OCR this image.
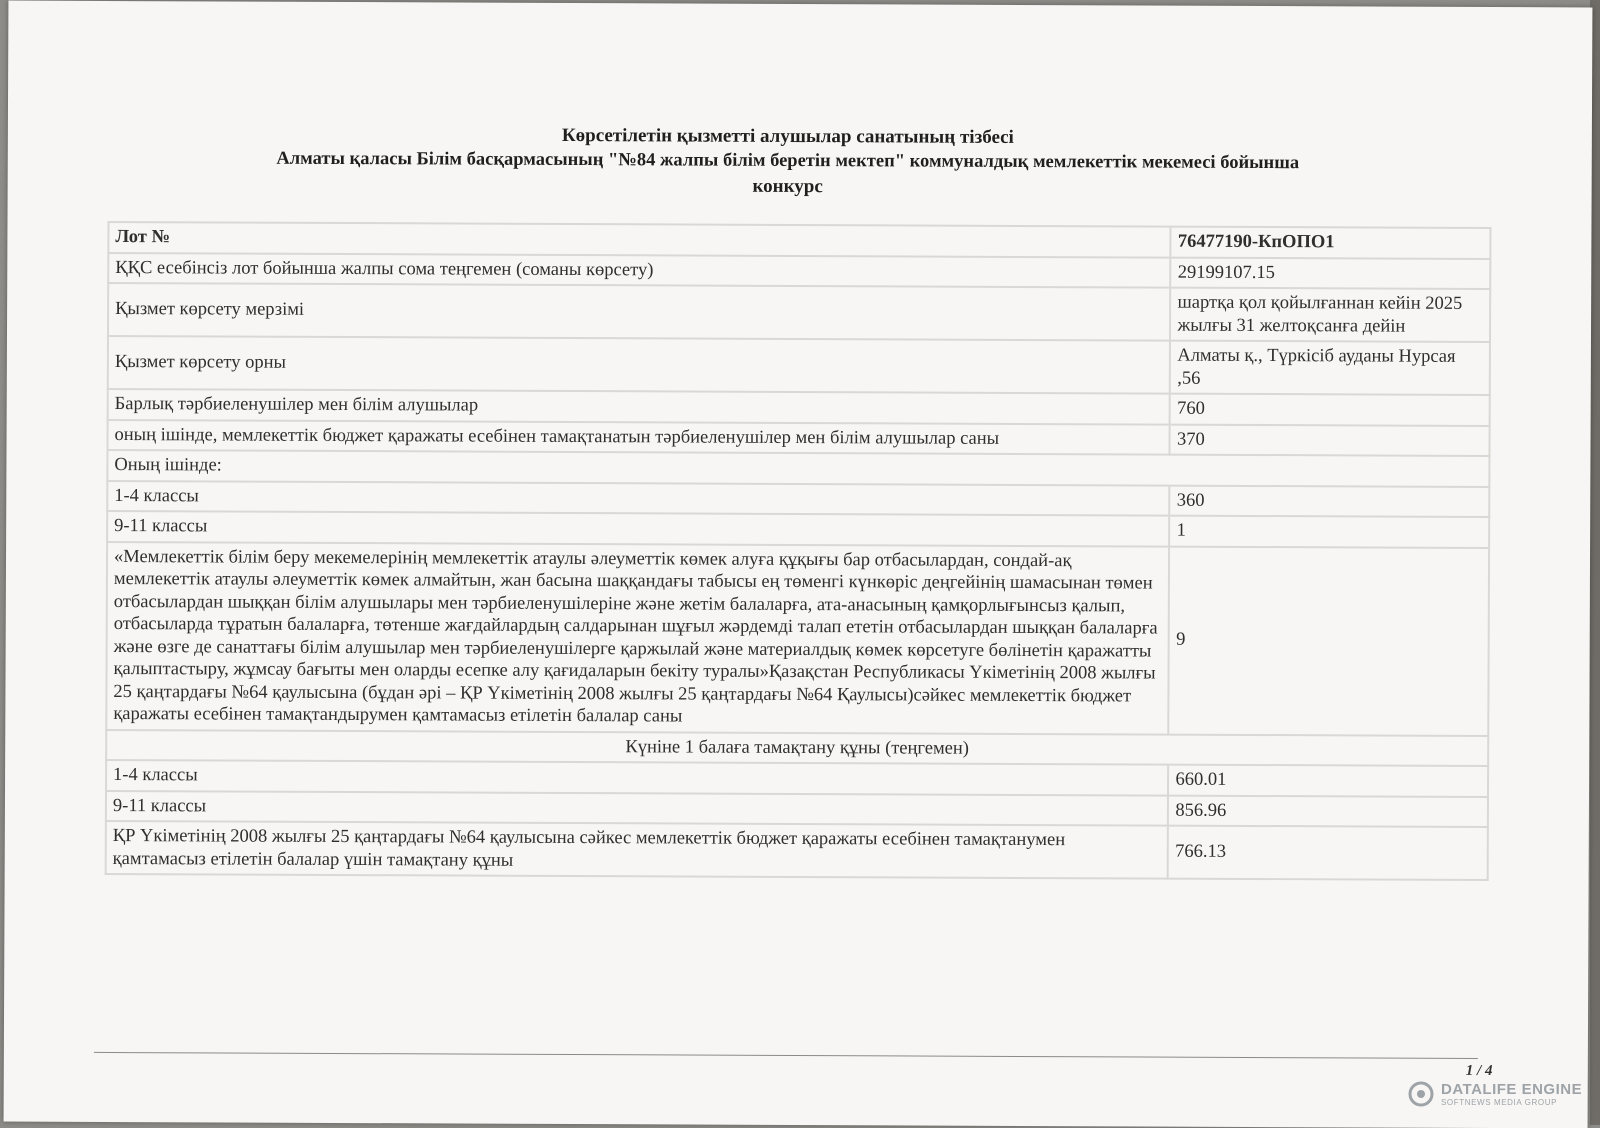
Көрсетілетін қызметті алушылар санатының тізбесі
Алматы қаласы Білім басқармасының "№84 жалпы білім беретін мектеп" коммуналдық мемлекеттік мекемесі бойынша
конкурс
Лот №	76477190-КпОПО1
ҚҚС есебінсіз лот бойынша жалпы сома теңгемен (соманы көрсету)	29199107.15
Қызмет көрсету мерзімі	шартқа қол қойылғаннан кейін 2025 жылғы 31 желтоқсанға дейін
Қызмет көрсету орны	Алматы қ., Түркісіб ауданы Нурсая ,56
Барлық тәрбиеленушілер мен білім алушылар	760
оның ішінде, мемлекеттік бюджет қаражаты есебінен тамақтанатын тәрбиеленушілер мен білім алушылар саны	370
Оның ішінде:	
1-4 классы	360
9-11 классы	1
«Мемлекеттік білім беру мекемелерінің мемлекеттік атаулы әлеуметтік көмек алуға құқығы бар отбасылардан, сондай-ақ мемлекеттік атаулы әлеуметтік көмек алмайтын, жан басына шаққандағы табысы ең төменгі күнкөріс деңгейінің шамасынан төмен отбасылардан шыққан білім алушылары мен тәрбиеленушілеріне және жетім балаларға, ата-анасының қамқорлығынсыз қалып, отбасыларда тұратын балаларға, төтенше жағдайлардың салдарынан шұғыл жәрдемді талап ететін отбасылардан шыққан балаларға және өзге де санаттағы білім алушылар мен тәрбиеленушілерге қаржылай және материалдық көмек көрсетуге бөлінетін қаражатты қалыптастыру, жұмсау бағыты мен оларды есепке алу қағидаларын бекіту туралы»Қазақстан Республикасы Үкіметінің 2008 жылғы 25 қаңтардағы №64 қаулысына (бұдан әрі – ҚР Үкіметінің 2008 жылғы 25 қаңтардағы №64 Қаулысы)сәйкес мемлекеттік бюджет қаражаты есебінен тамақтандырумен қамтамасыз етілетін балалар саны	9
Күніне 1 балаға тамақтану құны (теңгемен)	
1-4 классы	660.01
9-11 классы	856.96
ҚР Үкіметінің 2008 жылғы 25 қаңтардағы №64 қаулысына сәйкес мемлекеттік бюджет қаражаты есебінен тамақтанумен қамтамасыз етілетін балалар үшін тамақтану құны	766.13
1 / 4
DATALIFE ENGINE
SOFTNEWS MEDIA GROUP
